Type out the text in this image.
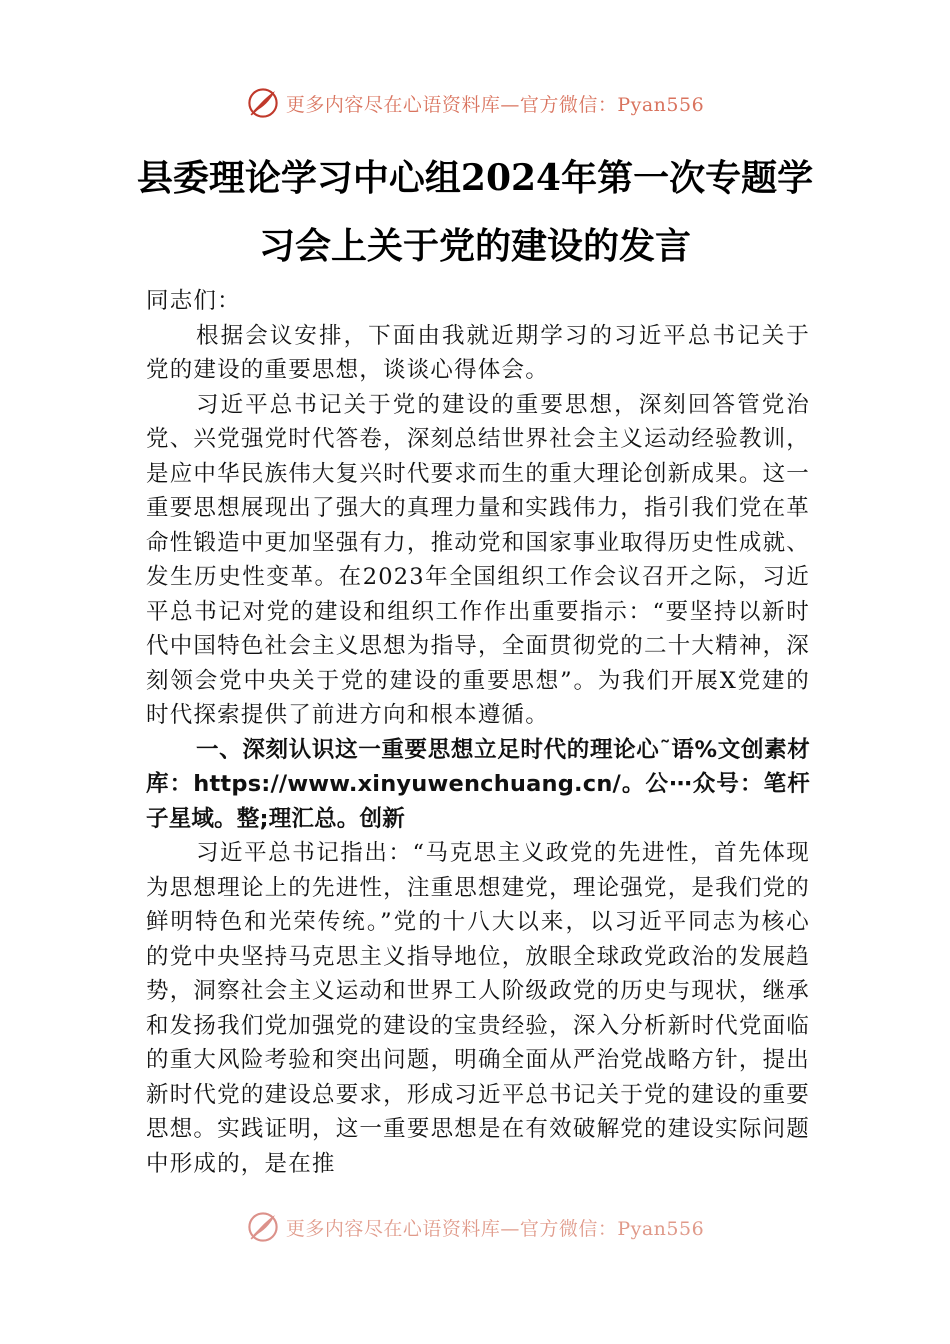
更多内容尽在心语资料库—官方微信：Pyan556
县委理论学习中心组2024年第一次专题学
习会上关于党的建设的发言

同志们：

根据会议安排，下面由我就近期学习的习近平总书记关于党的建设的重要思想，谈谈心得体会。

习近平总书记关于党的建设的重要思想，深刻回答管党治党、兴党强党时代答卷，深刻总结世界社会主义运动经验教训，是应中华民族伟大复兴时代要求而生的重大理论创新成果。这一重要思想展现出了强大的真理力量和实践伟力，指引我们党在革命性锻造中更加坚强有力，推动党和国家事业取得历史性成就、发生历史性变革。在2023年全国组织工作会议召开之际，习近平总书记对党的建设和组织工作作出重要指示：“要坚持以新时代中国特色社会主义思想为指导，全面贯彻党的二十大精神，深刻领会党中央关于党的建设的重要思想”。为我们开展X党建的时代探索提供了前进方向和根本遵循。

一、深刻认识这一重要思想立足时代的理论心˜语%文创素材库：https://www.xinyuwenchuang.cn/。公⋯众号：笔杆子星域。整;理汇总。创新

习近平总书记指出：“马克思主义政党的先进性，首先体现为思想理论上的先进性，注重思想建党，理论强党，是我们党的鲜明特色和光荣传统。”党的十八大以来，以习近平同志为核心的党中央坚持马克思主义指导地位，放眼全球政党政治的发展趋势，洞察社会主义运动和世界工人阶级政党的历史与现状，继承和发扬我们党加强党的建设的宝贵经验，深入分析新时代党面临的重大风险考验和突出问题，明确全面从严治党战略方针，提出新时代党的建设总要求，形成习近平总书记关于党的建设的重要思想。实践证明，这一重要思想是在有效破解党的建设实际问题中形成的，是在推

更多内容尽在心语资料库—官方微信：Pyan556
